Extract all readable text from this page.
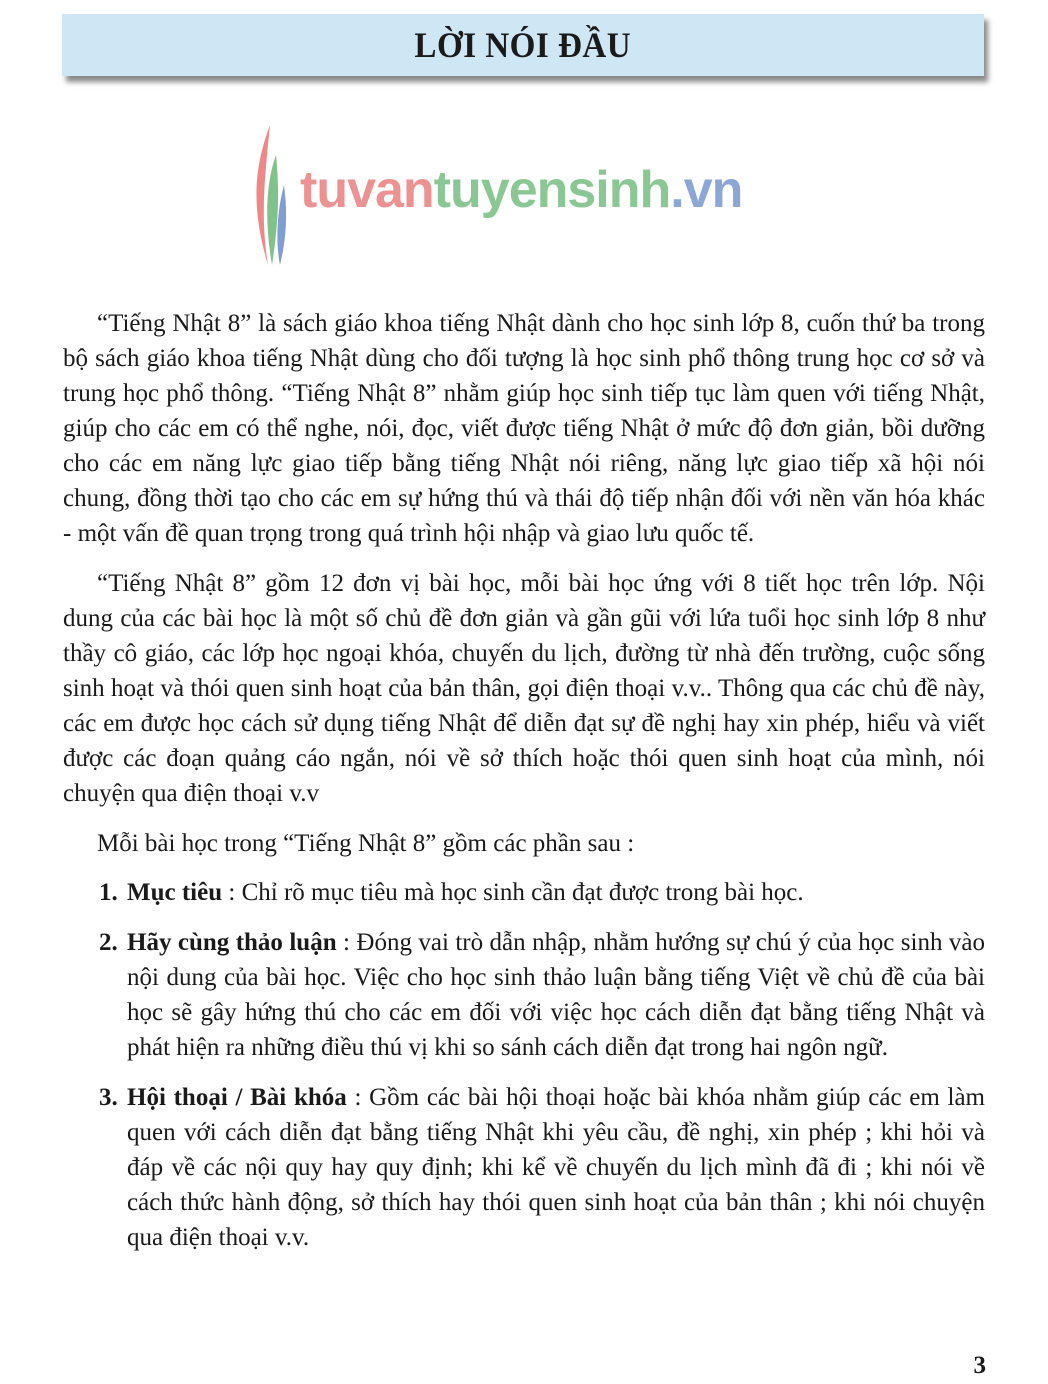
LỜI NÓI ĐẦU
tuvantuyensinh.vn

“Tiếng Nhật 8” là sách giáo khoa tiếng Nhật dành cho học sinh lớp 8, cuốn thứ ba trong bộ sách giáo khoa tiếng Nhật dùng cho đối tượng là học sinh phổ thông trung học cơ sở và trung học phổ thông. “Tiếng Nhật 8” nhằm giúp học sinh tiếp tục làm quen với tiếng Nhật, giúp cho các em có thể nghe, nói, đọc, viết được tiếng Nhật ở mức độ đơn giản, bồi dưỡng cho các em năng lực giao tiếp bằng tiếng Nhật nói riêng, năng lực giao tiếp xã hội nói chung, đồng thời tạo cho các em sự hứng thú và thái độ tiếp nhận đối với nền văn hóa khác - một vấn đề quan trọng trong quá trình hội nhập và giao lưu quốc tế.

“Tiếng Nhật 8” gồm 12 đơn vị bài học, mỗi bài học ứng với 8 tiết học trên lớp. Nội dung của các bài học là một số chủ đề đơn giản và gần gũi với lứa tuổi học sinh lớp 8 như thầy cô giáo, các lớp học ngoại khóa, chuyến du lịch, đường từ nhà đến trường, cuộc sống sinh hoạt và thói quen sinh hoạt của bản thân, gọi điện thoại v.v.. Thông qua các chủ đề này, các em được học cách sử dụng tiếng Nhật để diễn đạt sự đề nghị hay xin phép, hiểu và viết được các đoạn quảng cáo ngắn, nói về sở thích hoặc thói quen sinh hoạt của mình, nói chuyện qua điện thoại v.v

Mỗi bài học trong “Tiếng Nhật 8” gồm các phần sau :

1. Mục tiêu : Chỉ rõ mục tiêu mà học sinh cần đạt được trong bài học.
2. Hãy cùng thảo luận : Đóng vai trò dẫn nhập, nhằm hướng sự chú ý của học sinh vào nội dung của bài học. Việc cho học sinh thảo luận bằng tiếng Việt về chủ đề của bài học sẽ gây hứng thú cho các em đối với việc học cách diễn đạt bằng tiếng Nhật và phát hiện ra những điều thú vị khi so sánh cách diễn đạt trong hai ngôn ngữ.
3. Hội thoại / Bài khóa : Gồm các bài hội thoại hoặc bài khóa nhằm giúp các em làm quen với cách diễn đạt bằng tiếng Nhật khi yêu cầu, đề nghị, xin phép ; khi hỏi và đáp về các nội quy hay quy định; khi kể về chuyến du lịch mình đã đi ; khi nói về cách thức hành động, sở thích hay thói quen sinh hoạt của bản thân ; khi nói chuyện qua điện thoại v.v.
3
